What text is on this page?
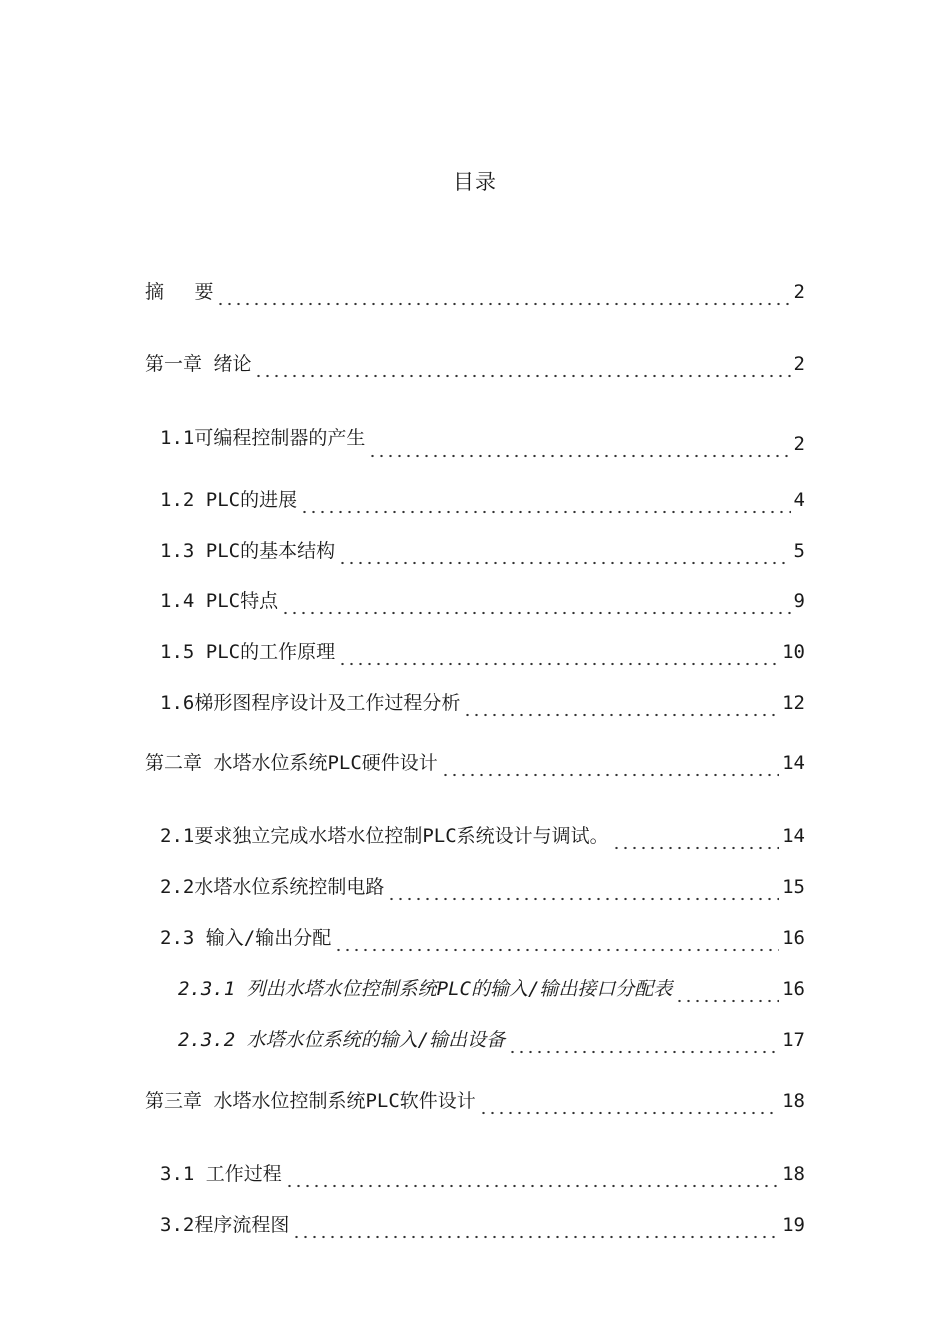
目录
摘　 要	2
第一章 绪论	2
1.1可编程控制器的产生	2
1.2 PLC的进展	4
1.3 PLC的基本结构	5
1.4 PLC特点	9
1.5 PLC的工作原理	10
1.6梯形图程序设计及工作过程分析	12
第二章 水塔水位系统PLC硬件设计	14
2.1要求独立完成水塔水位控制PLC系统设计与调试。	14
2.2水塔水位系统控制电路	15
2.3 输入/输出分配	16
2.3.1 列出水塔水位控制系统PLC的输入/输出接口分配表	16
2.3.2 水塔水位系统的输入/输出设备	17
第三章 水塔水位控制系统PLC软件设计	18
3.1 工作过程	18
3.2程序流程图	19
